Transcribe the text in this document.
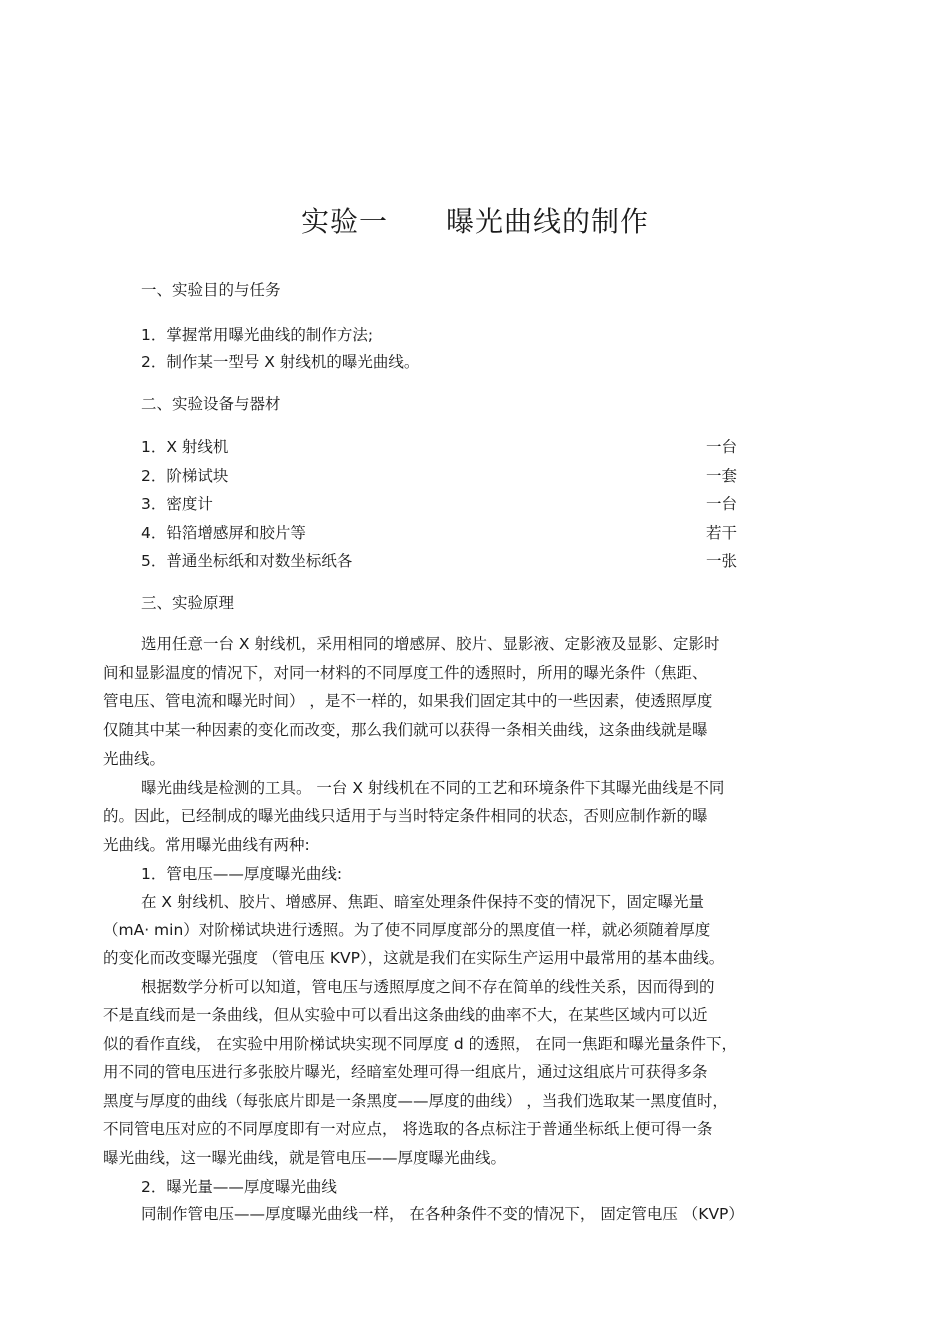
实验一 曝光曲线的制作
一、实验目的与任务
1．掌握常用曝光曲线的制作方法;
2．制作某一型号 X 射线机的曝光曲线。
二、实验设备与器材
1．X 射线机	一台
2．阶梯试块	一套
3．密度计	一台
4．铅箔增感屏和胶片等	若干
5．普通坐标纸和对数坐标纸各	一张
三、实验原理
选用任意一台 X 射线机，采用相同的增感屏、胶片、显影液、定影液及显影、定影时
间和显影温度的情况下，对同一材料的不同厚度工件的透照时，所用的曝光条件（焦距、
管电压、管电流和曝光时间） ，是不一样的，如果我们固定其中的一些因素，使透照厚度
仅随其中某一种因素的变化而改变，那么我们就可以获得一条相关曲线，这条曲线就是曝
光曲线。
曝光曲线是检测的工具。 一台 X 射线机在不同的工艺和环境条件下其曝光曲线是不同
的。因此，已经制成的曝光曲线只适用于与当时特定条件相同的状态，否则应制作新的曝
光曲线。常用曝光曲线有两种:
1．管电压——厚度曝光曲线:
在 X 射线机、胶片、增感屏、焦距、暗室处理条件保持不变的情况下，固定曝光量
（mA· min）对阶梯试块进行透照。为了使不同厚度部分的黑度值一样，就必须随着厚度
的变化而改变曝光强度 （管电压 KVP），这就是我们在实际生产运用中最常用的基本曲线。
根据数学分析可以知道，管电压与透照厚度之间不存在简单的线性关系，因而得到的
不是直线而是一条曲线，但从实验中可以看出这条曲线的曲率不大，在某些区域内可以近
似的看作直线， 在实验中用阶梯试块实现不同厚度 d 的透照， 在同一焦距和曝光量条件下，
用不同的管电压进行多张胶片曝光，经暗室处理可得一组底片，通过这组底片可获得多条
黑度与厚度的曲线（每张底片即是一条黑度——厚度的曲线） ，当我们选取某一黑度值时，
不同管电压对应的不同厚度即有一对应点， 将选取的各点标注于普通坐标纸上便可得一条
曝光曲线，这一曝光曲线，就是管电压——厚度曝光曲线。
2．曝光量——厚度曝光曲线
同制作管电压——厚度曝光曲线一样， 在各种条件不变的情况下， 固定管电压 （KVP）
